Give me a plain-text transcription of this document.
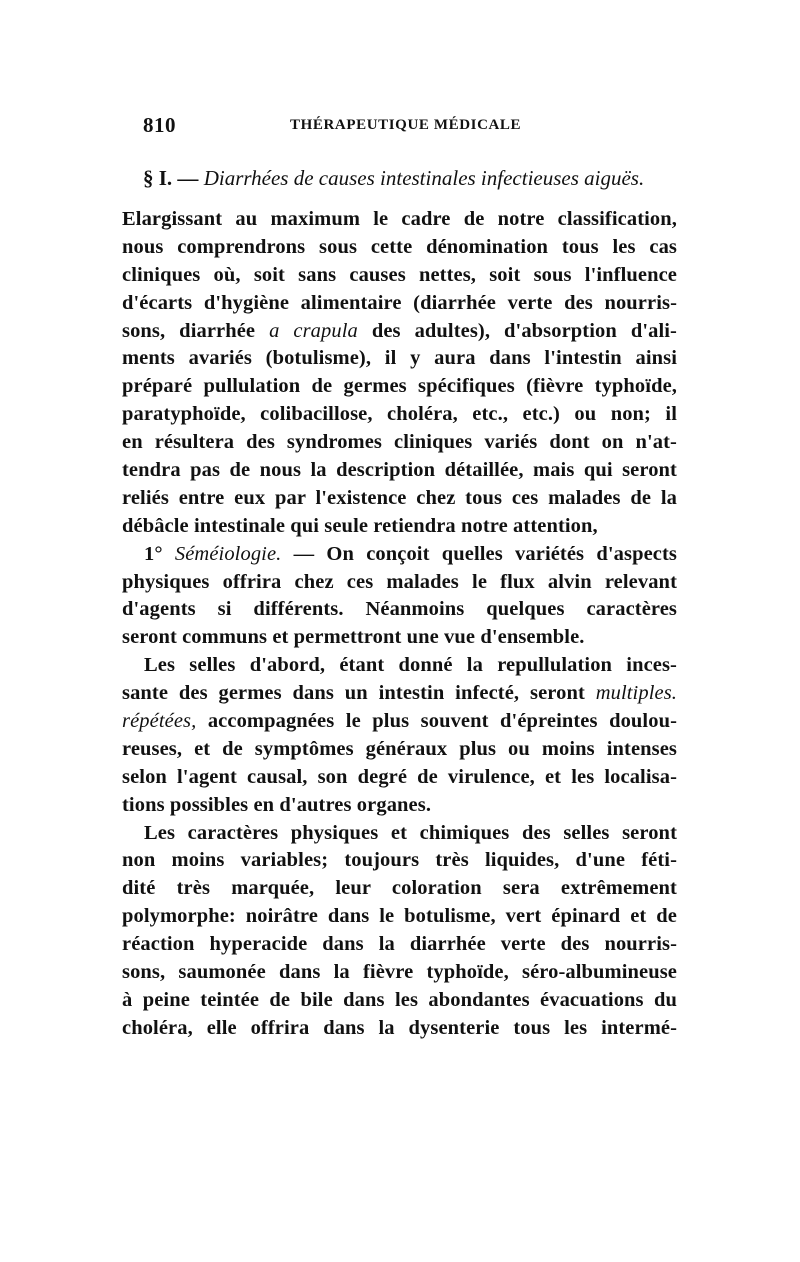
810	THÉRAPEUTIQUE MÉDICALE
§ I. — Diarrhées de causes intestinales infectieuses aiguës.
Elargissant au maximum le cadre de notre classification,
nous comprendrons sous cette dénomination tous les cas
cliniques où, soit sans causes nettes, soit sous l'influence
d'écarts d'hygiène alimentaire (diarrhée verte des nourris-
sons, diarrhée a crapula des adultes), d'absorption d'ali-
ments avariés (botulisme), il y aura dans l'intestin ainsi
préparé pullulation de germes spécifiques (fièvre typhoïde,
paratyphoïde, colibacillose, choléra, etc., etc.) ou non; il
en résultera des syndromes cliniques variés dont on n'at-
tendra pas de nous la description détaillée, mais qui seront
reliés entre eux par l'existence chez tous ces malades de la
débâcle intestinale qui seule retiendra notre attention,
1° Séméiologie. — On conçoit quelles variétés d'aspects
physiques offrira chez ces malades le flux alvin relevant
d'agents si différents. Néanmoins quelques caractères
seront communs et permettront une vue d'ensemble.
Les selles d'abord, étant donné la repullulation inces-
sante des germes dans un intestin infecté, seront multiples.
répétées, accompagnées le plus souvent d'épreintes doulou-
reuses, et de symptômes généraux plus ou moins intenses
selon l'agent causal, son degré de virulence, et les localisa-
tions possibles en d'autres organes.
Les caractères physiques et chimiques des selles seront
non moins variables; toujours très liquides, d'une féti-
dité très marquée, leur coloration sera extrêmement
polymorphe: noirâtre dans le botulisme, vert épinard et de
réaction hyperacide dans la diarrhée verte des nourris-
sons, saumonée dans la fièvre typhoïde, séro-albumineuse
à peine teintée de bile dans les abondantes évacuations du
choléra, elle offrira dans la dysenterie tous les intermé-
